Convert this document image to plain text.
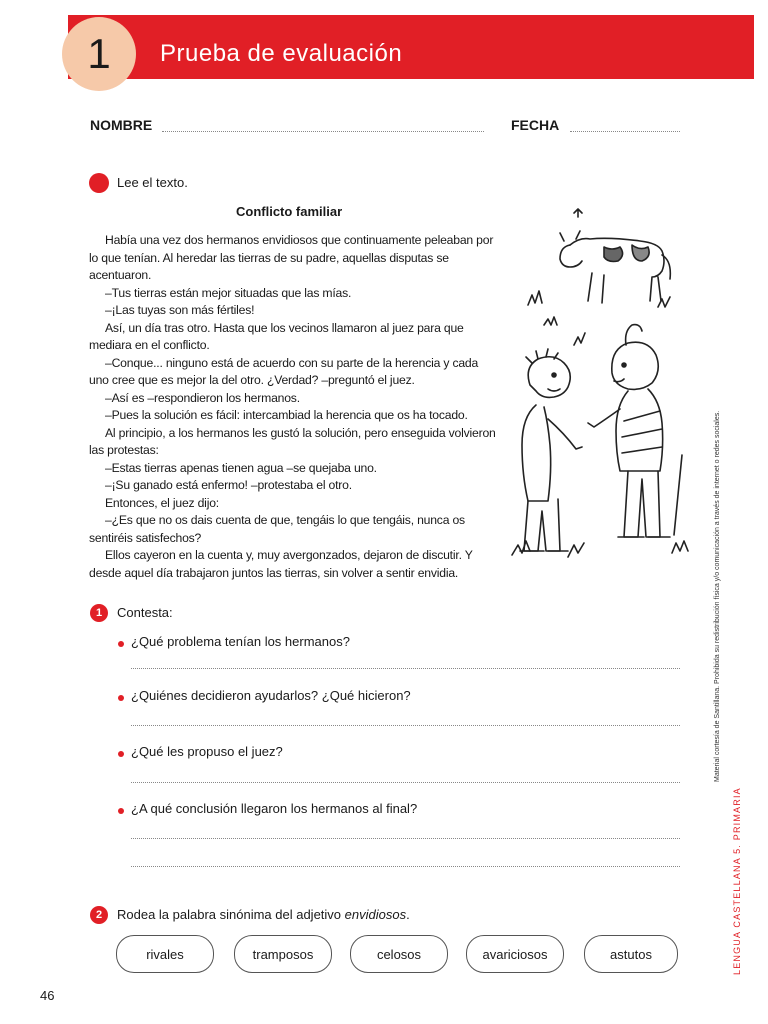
1	Prueba de evaluación
NOMBRE	FECHA
Lee el texto.
Conflicto familiar

Había una vez dos hermanos envidiosos que continuamente peleaban por lo que tenían. Al heredar las tierras de su padre, aquellas disputas se acentuaron.

–Tus tierras están mejor situadas que las mías.

–¡Las tuyas son más fértiles!

Así, un día tras otro. Hasta que los vecinos llamaron al juez para que mediara en el conflicto.

–Conque... ninguno está de acuerdo con su parte de la herencia y cada uno cree que es mejor la del otro. ¿Verdad? –preguntó el juez.

–Así es –respondieron los hermanos.

–Pues la solución es fácil: intercambiad la herencia que os ha tocado.

Al principio, a los hermanos les gustó la solución, pero enseguida volvieron las protestas:

–Estas tierras apenas tienen agua –se quejaba uno.

–¡Su ganado está enfermo! –protestaba el otro.

Entonces, el juez dijo:

–¿Es que no os dais cuenta de que, tengáis lo que tengáis, nunca os sentiréis satisfechos?

Ellos cayeron en la cuenta y, muy avergonzados, dejaron de discutir. Y desde aquel día trabajaron juntos las tierras, sin volver a sentir envidia.

1	Contesta:
¿Qué problema tenían los hermanos?
¿Quiénes decidieron ayudarlos? ¿Qué hicieron?
¿Qué les propuso el juez?
¿A qué conclusión llegaron los hermanos al final?
2	Rodea la palabra sinónima del adjetivo envidiosos.
rivales	tramposos	celosos	avariciosos	astutos
Material cortesía de Santillana. Prohibida su redistribución física y/o comunicación a través de internet o redes sociales.
LENGUA CASTELLANA 5. PRIMARIA
46
